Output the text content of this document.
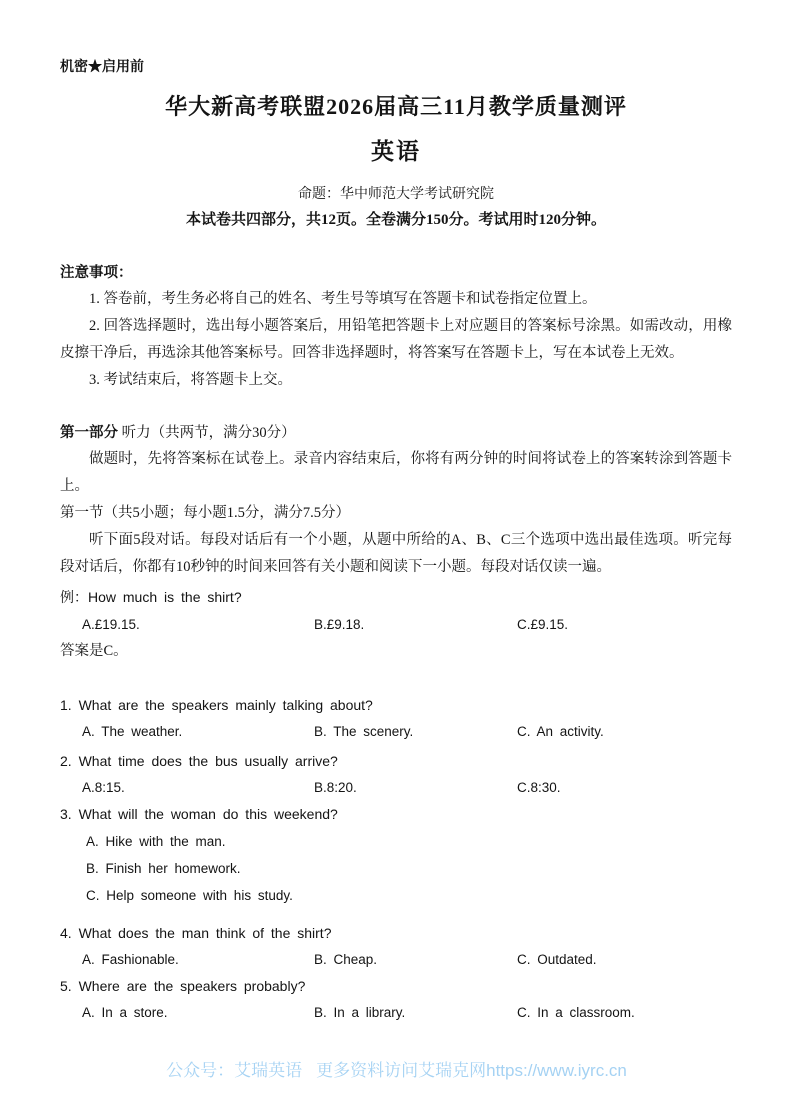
机密★启用前
华大新高考联盟2026届高三11月教学质量测评
英语
命题：华中师范大学考试研究院
本试卷共四部分，共12页。全卷满分150分。考试用时120分钟。
注意事项：
1. 答卷前，考生务必将自己的姓名、考生号等填写在答题卡和试卷指定位置上。
2. 回答选择题时，选出每小题答案后，用铅笔把答题卡上对应题目的答案标号涂黑。如需改动，用橡皮擦干净后，再选涂其他答案标号。回答非选择题时，将答案写在答题卡上，写在本试卷上无效。
3. 考试结束后，将答题卡上交。
第一部分 听力（共两节，满分30分）
做题时，先将答案标在试卷上。录音内容结束后，你将有两分钟的时间将试卷上的答案转涂到答题卡上。
第一节（共5小题；每小题1.5分，满分7.5分）
听下面5段对话。每段对话后有一个小题，从题中所给的A、B、C三个选项中选出最佳选项。听完每段对话后，你都有10秒钟的时间来回答有关小题和阅读下一小题。每段对话仅读一遍。
例：How much is the shirt?
A.£19.15.	B.£9.18.	C.£9.15.
答案是C。
1. What are the speakers mainly talking about?
A. The weather.	B. The scenery.	C. An activity.
2. What time does the bus usually arrive?
A.8:15.	B.8:20.	C.8:30.
3. What will the woman do this weekend?
A. Hike with the man.
B. Finish her homework.
C. Help someone with his study.
4. What does the man think of the shirt?
A. Fashionable.	B. Cheap.	C. Outdated.
5. Where are the speakers probably?
A. In a store.	B. In a library.	C. In a classroom.
公众号：艾瑞英语 更多资料访问艾瑞克网https://www.iyrc.cn
